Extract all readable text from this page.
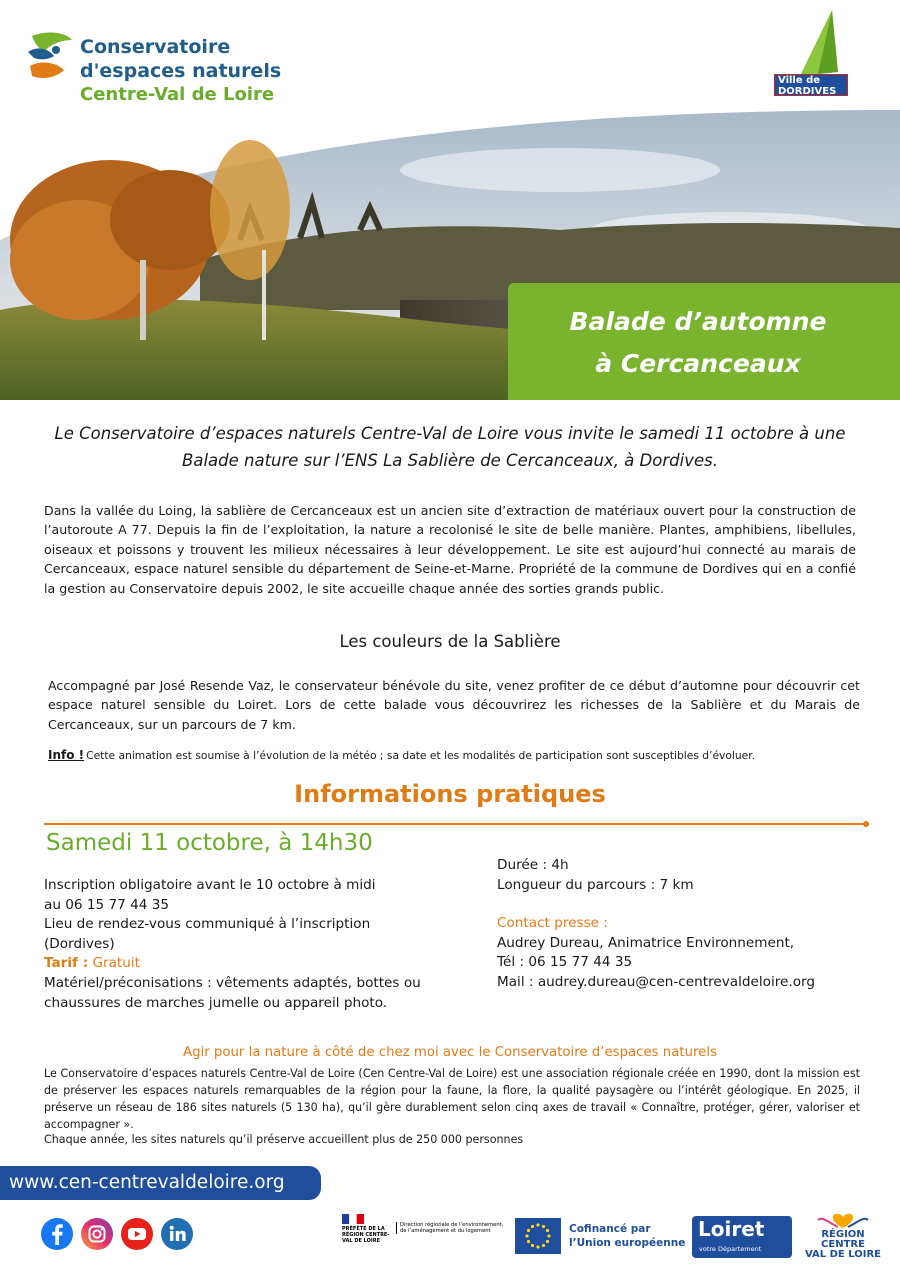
Conservatoire
d'espaces naturels
Centre-Val de Loire
Ville de
DORDIVES
Balade d’automne
à Cercanceaux
Le Conservatoire d’espaces naturels Centre-Val de Loire vous invite le samedi 11 octobre à une Balade nature sur l’ENS La Sablière de Cercanceaux, à Dordives.
Dans la vallée du Loing, la sablière de Cercanceaux est un ancien site d’extraction de matériaux ouvert pour la construction de l’autoroute A 77. Depuis la fin de l’exploitation, la nature a recolonisé le site de belle manière. Plantes, amphibiens, libellules, oiseaux et poissons y trouvent les milieux nécessaires à leur développement. Le site est aujourd’hui connecté au marais de Cercanceaux, espace naturel sensible du département de Seine-et-Marne. Propriété de la commune de Dordives qui en a confié la gestion au Conservatoire depuis 2002, le site accueille chaque année des sorties grands public.
Les couleurs de la Sablière
Accompagné par José Resende Vaz, le conservateur bénévole du site, venez profiter de ce début d’automne pour découvrir cet espace naturel sensible du Loiret. Lors de cette balade vous découvrirez les richesses de la Sablière et du Marais de Cercanceaux, sur un parcours de 7 km.
Info ! Cette animation est soumise à l’évolution de la météo ; sa date et les modalités de participation sont susceptibles d’évoluer.
Informations pratiques
Samedi 11 octobre, à 14h30
Inscription obligatoire avant le 10 octobre à midi
au 06 15 77 44 35
Lieu de rendez-vous communiqué à l’inscription
(Dordives)
Tarif : Gratuit
Matériel/préconisations : vêtements adaptés, bottes ou
chaussures de marches jumelle ou appareil photo.
Durée : 4h
Longueur du parcours : 7 km
Contact presse :
Audrey Dureau, Animatrice Environnement,
Tél : 06 15 77 44 35
Mail : audrey.dureau@cen-centrevaldeloire.org
Agir pour la nature à côté de chez moi avec le Conservatoire d’espaces naturels
Le Conservatoire d’espaces naturels Centre-Val de Loire (Cen Centre-Val de Loire) est une association régionale créée en 1990, dont la mission est de préserver les espaces naturels remarquables de la région pour la faune, la flore, la qualité paysagère ou l’intérêt géologique. En 2025, il préserve un réseau de 186 sites naturels (5 130 ha), qu’il gère durablement selon cinq axes de travail « Connaître, protéger, gérer, valoriser et accompagner ».
Chaque année, les sites naturels qu’il préserve accueillent plus de 250 000 personnes
www.cen-centrevaldeloire.org
PRÉFÈTE DE LA RÉGION CENTRE-VAL DE LOIRE
Direction régionale de l’environnement, de l’aménagement et du logement	Cofinancé par
l’Union européenne
Loiret
votre Département
RÉGION
CENTRE
VAL DE LOIRE
